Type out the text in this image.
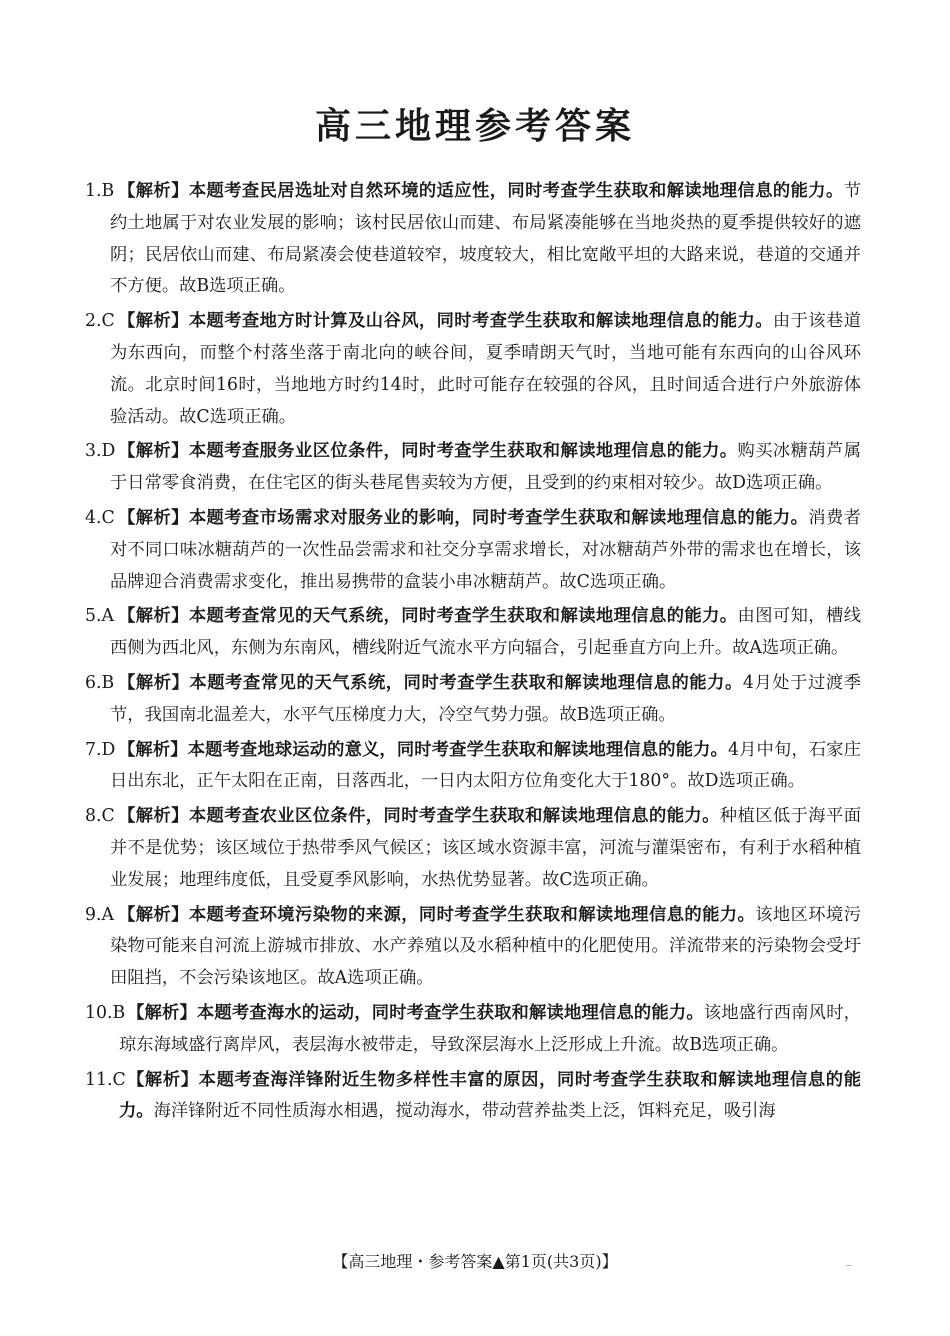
高三地理参考答案
1.B 【解析】本题考查民居选址对自然环境的适应性，同时考查学生获取和解读地理信息的能力。节约土地属于对农业发展的影响；该村民居依山而建、布局紧凑能够在当地炎热的夏季提供较好的遮阴；民居依山而建、布局紧凑会使巷道较窄，坡度较大，相比宽敞平坦的大路来说，巷道的交通并不方便。故B选项正确。
2.C 【解析】本题考查地方时计算及山谷风，同时考查学生获取和解读地理信息的能力。由于该巷道为东西向，而整个村落坐落于南北向的峡谷间，夏季晴朗天气时，当地可能有东西向的山谷风环流。北京时间16时，当地地方时约14时，此时可能存在较强的谷风，且时间适合进行户外旅游体验活动。故C选项正确。
3.D 【解析】本题考查服务业区位条件，同时考查学生获取和解读地理信息的能力。购买冰糖葫芦属于日常零食消费，在住宅区的街头巷尾售卖较为方便，且受到的约束相对较少。故D选项正确。
4.C 【解析】本题考查市场需求对服务业的影响，同时考查学生获取和解读地理信息的能力。消费者对不同口味冰糖葫芦的一次性品尝需求和社交分享需求增长，对冰糖葫芦外带的需求也在增长，该品牌迎合消费需求变化，推出易携带的盒装小串冰糖葫芦。故C选项正确。
5.A 【解析】本题考查常见的天气系统，同时考查学生获取和解读地理信息的能力。由图可知，槽线西侧为西北风，东侧为东南风，槽线附近气流水平方向辐合，引起垂直方向上升。故A选项正确。
6.B 【解析】本题考查常见的天气系统，同时考查学生获取和解读地理信息的能力。4月处于过渡季节，我国南北温差大，水平气压梯度力大，冷空气势力强。故B选项正确。
7.D 【解析】本题考查地球运动的意义，同时考查学生获取和解读地理信息的能力。4月中旬，石家庄日出东北，正午太阳在正南，日落西北，一日内太阳方位角变化大于180°。故D选项正确。
8.C 【解析】本题考查农业区位条件，同时考查学生获取和解读地理信息的能力。种植区低于海平面并不是优势；该区域位于热带季风气候区；该区域水资源丰富，河流与灌渠密布，有利于水稻种植业发展；地理纬度低，且受夏季风影响，水热优势显著。故C选项正确。
9.A 【解析】本题考查环境污染物的来源，同时考查学生获取和解读地理信息的能力。该地区环境污染物可能来自河流上游城市排放、水产养殖以及水稻种植中的化肥使用。洋流带来的污染物会受圩田阻挡，不会污染该地区。故A选项正确。
10.B 【解析】本题考查海水的运动，同时考查学生获取和解读地理信息的能力。该地盛行西南风时，琼东海域盛行离岸风，表层海水被带走，导致深层海水上泛形成上升流。故B选项正确。
11.C 【解析】本题考查海洋锋附近生物多样性丰富的原因，同时考查学生获取和解读地理信息的能力。海洋锋附近不同性质海水相遇，搅动海水，带动营养盐类上泛，饵料充足，吸引海
【高三地理・参考答案▲第1页(共3页)】	—
